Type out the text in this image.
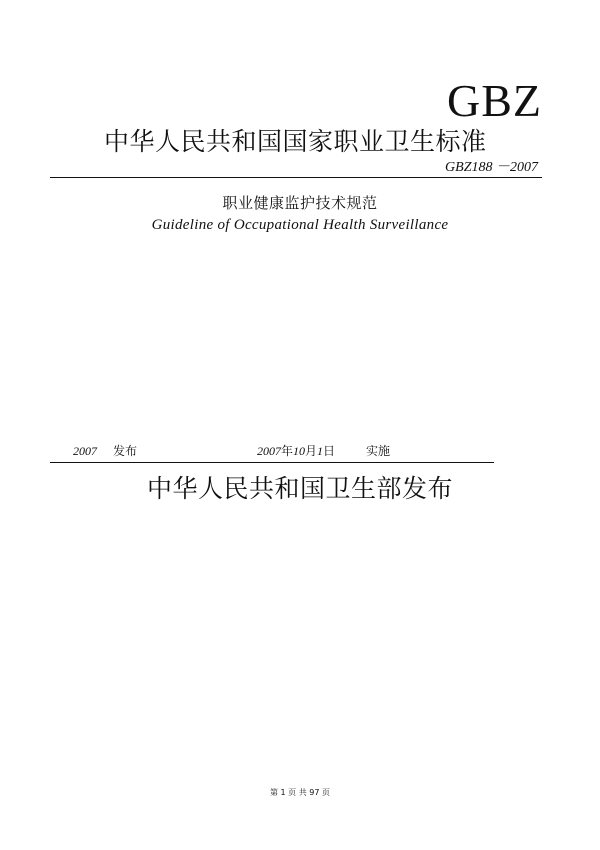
GBZ
中华人民共和国国家职业卫生标准
GBZ188 －2007
职业健康监护技术规范
Guideline of Occupational Health Surveillance
2007 发布	2007年10月1日	实施
中华人民共和国卫生部发布
第 1 页 共 97 页
